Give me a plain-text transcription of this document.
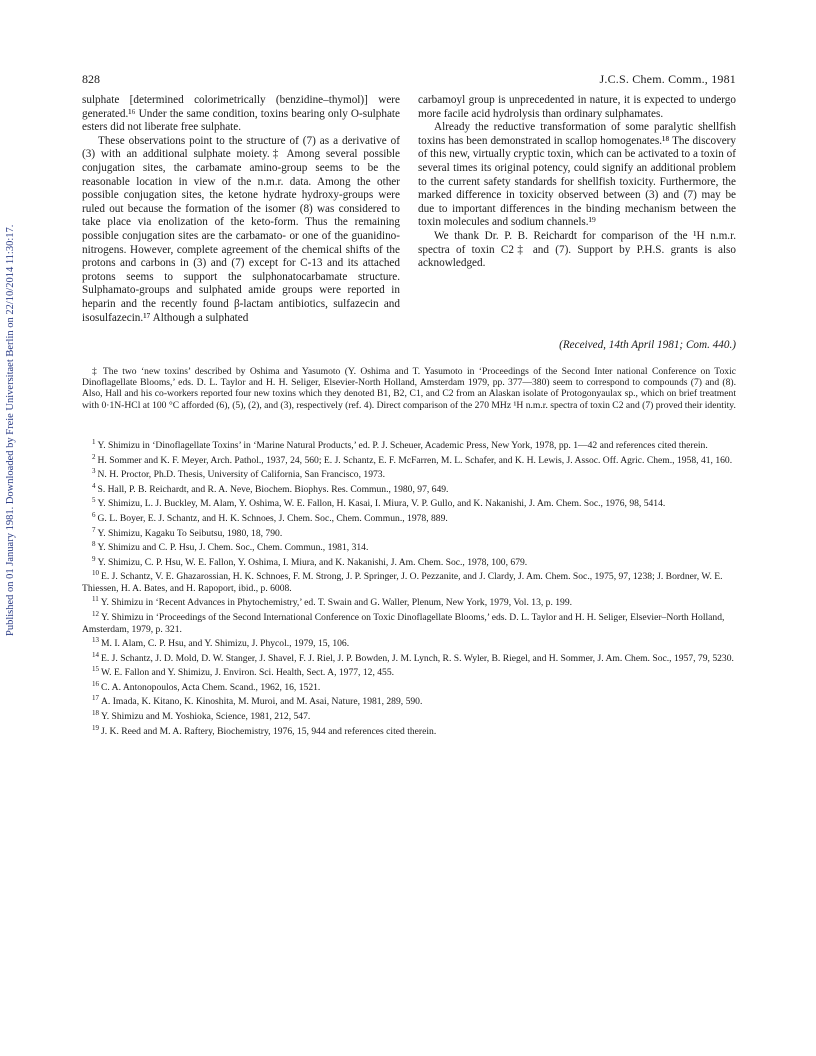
Published on 01 January 1981. Downloaded by Freie Universitaet Berlin on 22/10/2014 11:30:17.
828	J.C.S. Chem. Comm., 1981

sulphate [determined colorimetrically (benzidine–thymol)] were generated.¹⁶ Under the same condition, toxins bearing only O-sulphate esters did not liberate free sulphate.

These observations point to the structure of (7) as a derivative of (3) with an additional sulphate moiety.‡ Among several possible conjugation sites, the carbamate amino-group seems to be the reasonable location in view of the n.m.r. data. Among the other possible conjugation sites, the ketone hydrate hydroxy-groups were ruled out because the formation of the isomer (8) was considered to take place via enolization of the keto-form. Thus the remaining possible conjugation sites are the carbamato- or one of the guanidino-nitrogens. However, complete agreement of the chemical shifts of the protons and carbons in (3) and (7) except for C-13 and its attached protons seems to support the sulphonatocarbamate structure. Sulphamato-groups and sulphated amide groups were reported in heparin and the recently found β-lactam antibiotics, sulfazecin and isosulfazecin.¹⁷ Although a sulphated

carbamoyl group is unprecedented in nature, it is expected to undergo more facile acid hydrolysis than ordinary sulphamates.

Already the reductive transformation of some paralytic shellfish toxins has been demonstrated in scallop homogenates.¹⁸ The discovery of this new, virtually cryptic toxin, which can be activated to a toxin of several times its original potency, could signify an additional problem to the current safety standards for shellfish toxicity. Furthermore, the marked difference in toxicity observed between (3) and (7) may be due to important differences in the binding mechanism between the toxin molecules and sodium channels.¹⁹

We thank Dr. P. B. Reichardt for comparison of the ¹H n.m.r. spectra of toxin C2‡ and (7). Support by P.H.S. grants is also acknowledged.

(Received, 14th April 1981; Com. 440.)

‡ The two ‘new toxins’ described by Oshima and Yasumoto (Y. Oshima and T. Yasumoto in ‘Proceedings of the Second Inter national Conference on Toxic Dinoflagellate Blooms,’ eds. D. L. Taylor and H. H. Seliger, Elsevier-North Holland, Amsterdam 1979, pp. 377—380) seem to correspond to compounds (7) and (8). Also, Hall and his co-workers reported four new toxins which they denoted B1, B2, C1, and C2 from an Alaskan isolate of Protogonyaulax sp., which on brief treatment with 0·1N-HCl at 100 °C afforded (6), (5), (2), and (3), respectively (ref. 4). Direct comparison of the 270 MHz ¹H n.m.r. spectra of toxin C2 and (7) proved their identity.

$^1$ Y. Shimizu in ‘Dinoflagellate Toxins’ in ‘Marine Natural Products,’ ed. P. J. Scheuer, Academic Press, New York, 1978, pp. 1—42 and references cited therein.

$^2$ H. Sommer and K. F. Meyer, Arch. Pathol., 1937, 24, 560; E. J. Schantz, E. F. McFarren, M. L. Schafer, and K. H. Lewis, J. Assoc. Off. Agric. Chem., 1958, 41, 160.

$^3$ N. H. Proctor, Ph.D. Thesis, University of California, San Francisco, 1973.

$^4$ S. Hall, P. B. Reichardt, and R. A. Neve, Biochem. Biophys. Res. Commun., 1980, 97, 649.

$^5$ Y. Shimizu, L. J. Buckley, M. Alam, Y. Oshima, W. E. Fallon, H. Kasai, I. Miura, V. P. Gullo, and K. Nakanishi, J. Am. Chem. Soc., 1976, 98, 5414.

$^6$ G. L. Boyer, E. J. Schantz, and H. K. Schnoes, J. Chem. Soc., Chem. Commun., 1978, 889.

$^7$ Y. Shimizu, Kagaku To Seibutsu, 1980, 18, 790.

$^8$ Y. Shimizu and C. P. Hsu, J. Chem. Soc., Chem. Commun., 1981, 314.

$^9$ Y. Shimizu, C. P. Hsu, W. E. Fallon, Y. Oshima, I. Miura, and K. Nakanishi, J. Am. Chem. Soc., 1978, 100, 679.

$^{10}$ E. J. Schantz, V. E. Ghazarossian, H. K. Schnoes, F. M. Strong, J. P. Springer, J. O. Pezzanite, and J. Clardy, J. Am. Chem. Soc., 1975, 97, 1238; J. Bordner, W. E. Thiessen, H. A. Bates, and H. Rapoport, ibid., p. 6008.

$^{11}$ Y. Shimizu in ‘Recent Advances in Phytochemistry,’ ed. T. Swain and G. Waller, Plenum, New York, 1979, Vol. 13, p. 199.

$^{12}$ Y. Shimizu in ‘Proceedings of the Second International Conference on Toxic Dinoflagellate Blooms,’ eds. D. L. Taylor and H. H. Seliger, Elsevier–North Holland, Amsterdam, 1979, p. 321.

$^{13}$ M. I. Alam, C. P. Hsu, and Y. Shimizu, J. Phycol., 1979, 15, 106.

$^{14}$ E. J. Schantz, J. D. Mold, D. W. Stanger, J. Shavel, F. J. Riel, J. P. Bowden, J. M. Lynch, R. S. Wyler, B. Riegel, and H. Sommer, J. Am. Chem. Soc., 1957, 79, 5230.

$^{15}$ W. E. Fallon and Y. Shimizu, J. Environ. Sci. Health, Sect. A, 1977, 12, 455.

$^{16}$ C. A. Antonopoulos, Acta Chem. Scand., 1962, 16, 1521.

$^{17}$ A. Imada, K. Kitano, K. Kinoshita, M. Muroi, and M. Asai, Nature, 1981, 289, 590.

$^{18}$ Y. Shimizu and M. Yoshioka, Science, 1981, 212, 547.

$^{19}$ J. K. Reed and M. A. Raftery, Biochemistry, 1976, 15, 944 and references cited therein.
